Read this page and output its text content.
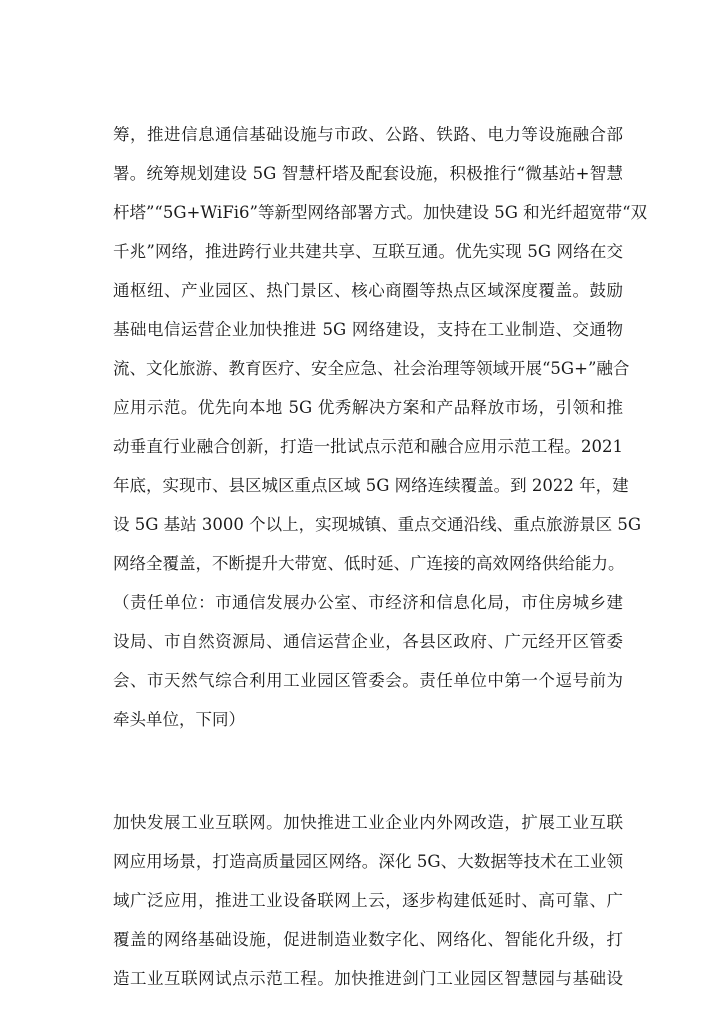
筹，推进信息通信基础设施与市政、公路、铁路、电力等设施融合部
署。统筹规划建设 5G 智慧杆塔及配套设施，积极推行“微基站+智慧
杆塔”“5G+WiFi6”等新型网络部署方式。加快建设 5G 和光纤超宽带“双
千兆”网络，推进跨行业共建共享、互联互通。优先实现 5G 网络在交
通枢纽、产业园区、热门景区、核心商圈等热点区域深度覆盖。鼓励
基础电信运营企业加快推进 5G 网络建设，支持在工业制造、交通物
流、文化旅游、教育医疗、安全应急、社会治理等领域开展“5G+”融合
应用示范。优先向本地 5G 优秀解决方案和产品释放市场，引领和推
动垂直行业融合创新，打造一批试点示范和融合应用示范工程。2021
年底，实现市、县区城区重点区域 5G 网络连续覆盖。到 2022 年，建
设 5G 基站 3000 个以上，实现城镇、重点交通沿线、重点旅游景区 5G
网络全覆盖，不断提升大带宽、低时延、广连接的高效网络供给能力。
（责任单位：市通信发展办公室、市经济和信息化局，市住房城乡建
设局、市自然资源局、通信运营企业，各县区政府、广元经开区管委
会、市天然气综合利用工业园区管委会。责任单位中第一个逗号前为
牵头单位，下同）
加快发展工业互联网。加快推进工业企业内外网改造，扩展工业互联
网应用场景，打造高质量园区网络。深化 5G、大数据等技术在工业领
域广泛应用，推进工业设备联网上云，逐步构建低延时、高可靠、广
覆盖的网络基础设施，促进制造业数字化、网络化、智能化升级，打
造工业互联网试点示范工程。加快推进剑门工业园区智慧园与基础设
